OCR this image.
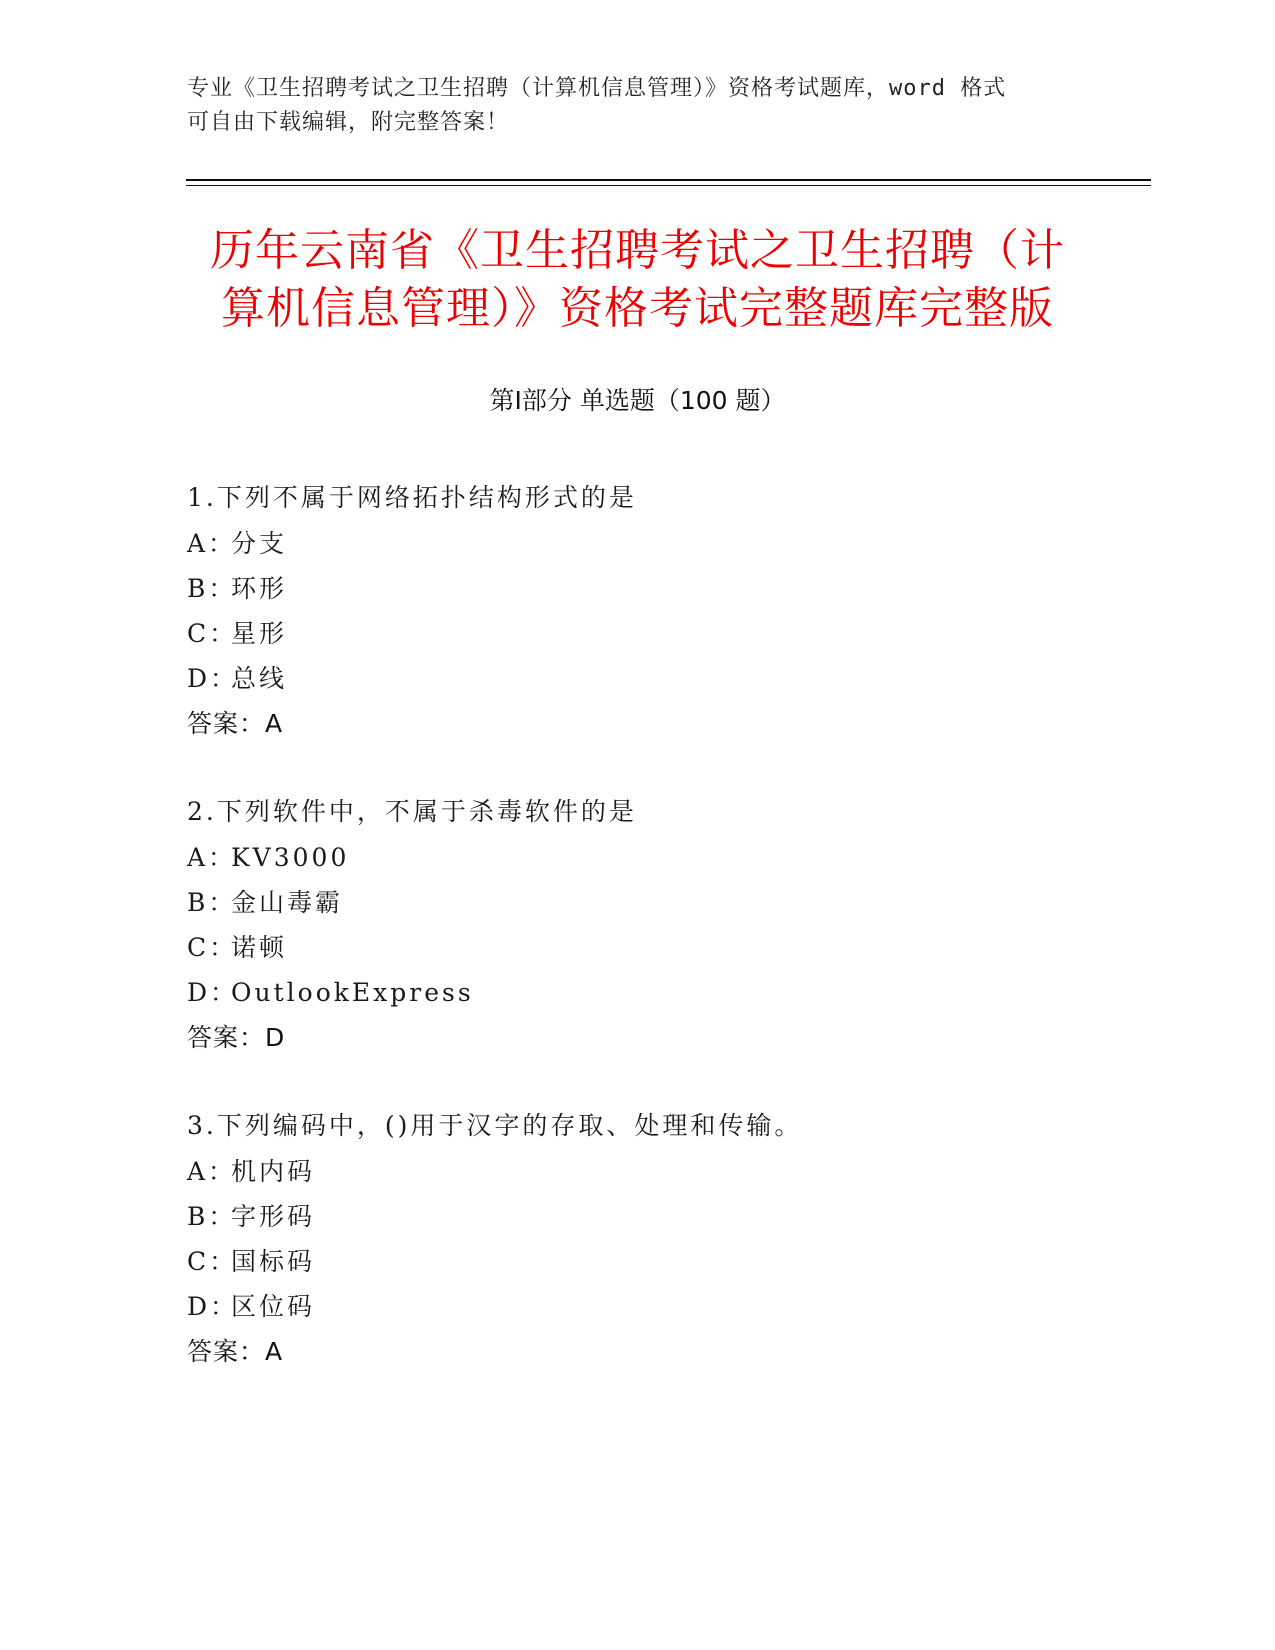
专业《卫生招聘考试之卫生招聘（计算机信息管理）》资格考试题库，word 格式
可自由下载编辑，附完整答案！
历年云南省《卫生招聘考试之卫生招聘（计
算机信息管理）》资格考试完整题库完整版
第Ⅰ部分 单选题（100 题）
1.下列不属于网络拓扑结构形式的是
A：分支
B：环形
C：星形
D：总线
答案：A
2.下列软件中，不属于杀毒软件的是
A：KV3000
B：金山毒霸
C：诺顿
D：OutlookExpress
答案：D
3.下列编码中，()用于汉字的存取、处理和传输。
A：机内码
B：字形码
C：国标码
D：区位码
答案：A
